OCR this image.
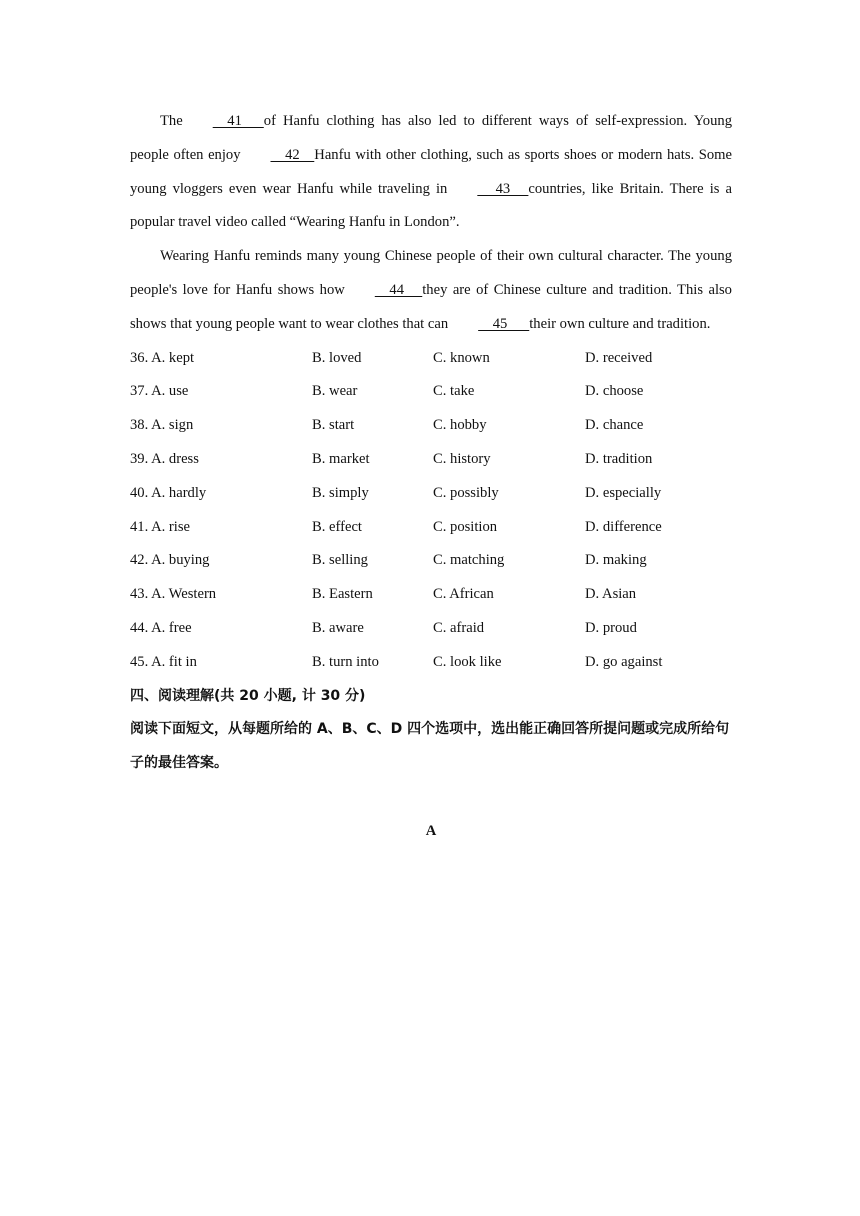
The    41      of Hanfu clothing has also led to different ways of self-expression. Young people often enjoy    42    Hanfu with other clothing, such as sports shoes or modern hats. Some young vloggers even wear Hanfu while traveling in     43     countries, like Britain. There is a popular travel video called “Wearing Hanfu in London”.

Wearing Hanfu reminds many young Chinese people of their own cultural character. The young people's love for Hanfu shows how    44     they are of Chinese culture and tradition. This also shows that young people want to wear clothes that can    45      their own culture and tradition.

36. A. kept	B. loved	C. known	D. received
37. A. use	B. wear	C. take	D. choose
38. A. sign	B. start	C. hobby	D. chance
39. A. dress	B. market	C. history	D. tradition
40. A. hardly	B. simply	C. possibly	D. especially
41. A. rise	B. effect	C. position	D. difference
42. A. buying	B. selling	C. matching	D. making
43. A. Western	B. Eastern	C. African	D. Asian
44. A. free	B. aware	C. afraid	D. proud
45. A. fit in	B. turn into	C. look like	D. go against

四、阅读理解(共 20 小题, 计 30 分)

阅读下面短文，从每题所给的 A、B、C、D 四个选项中，选出能正确回答所提问题或完成所给句子的最佳答案。

A
